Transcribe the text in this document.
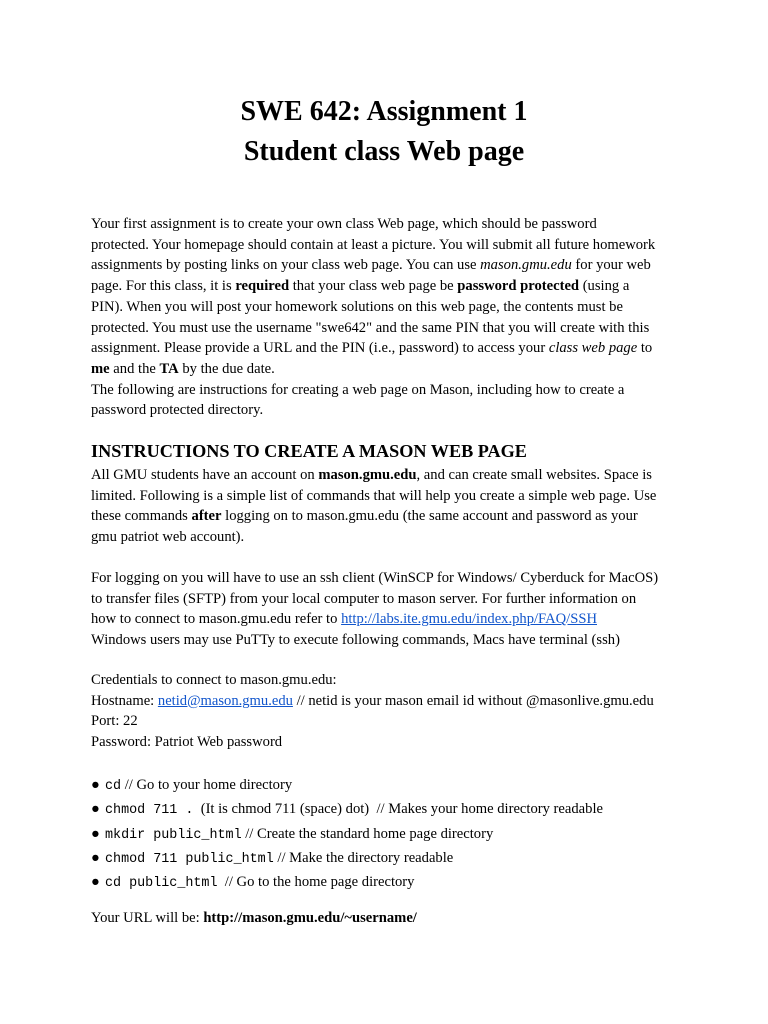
SWE 642: Assignment 1
Student class Web page

Your first assignment is to create your own class Web page, which should be password
protected. Your homepage should contain at least a picture. You will submit all future homework
assignments by posting links on your class web page. You can use mason.gmu.edu for your web
page. For this class, it is required that your class web page be password protected (using a
PIN). When you will post your homework solutions on this web page, the contents must be
protected. You must use the username "swe642" and the same PIN that you will create with this
assignment. Please provide a URL and the PIN (i.e., password) to access your class web page to
me and the TA by the due date.
The following are instructions for creating a web page on Mason, including how to create a
password protected directory.

INSTRUCTIONS TO CREATE A MASON WEB PAGE

All GMU students have an account on mason.gmu.edu, and can create small websites. Space is
limited. Following is a simple list of commands that will help you create a simple web page. Use
these commands after logging on to mason.gmu.edu (the same account and password as your
gmu patriot web account).

For logging on you will have to use an ssh client (WinSCP for Windows/ Cyberduck for MacOS)
to transfer files (SFTP) from your local computer to mason server. For further information on
how to connect to mason.gmu.edu refer to http://labs.ite.gmu.edu/index.php/FAQ/SSH
Windows users may use PuTTy to execute following commands, Macs have terminal (ssh)

Credentials to connect to mason.gmu.edu:
Hostname: netid@mason.gmu.edu // netid is your mason email id without @masonlive.gmu.edu
Port: 22
Password: Patriot Web password

● cd // Go to your home directory
● chmod 711 .  (It is chmod 711 (space) dot)  // Makes your home directory readable
● mkdir public_html // Create the standard home page directory
● chmod 711 public_html // Make the directory readable
● cd public_html  // Go to the home page directory

Your URL will be: http://mason.gmu.edu/~username/
